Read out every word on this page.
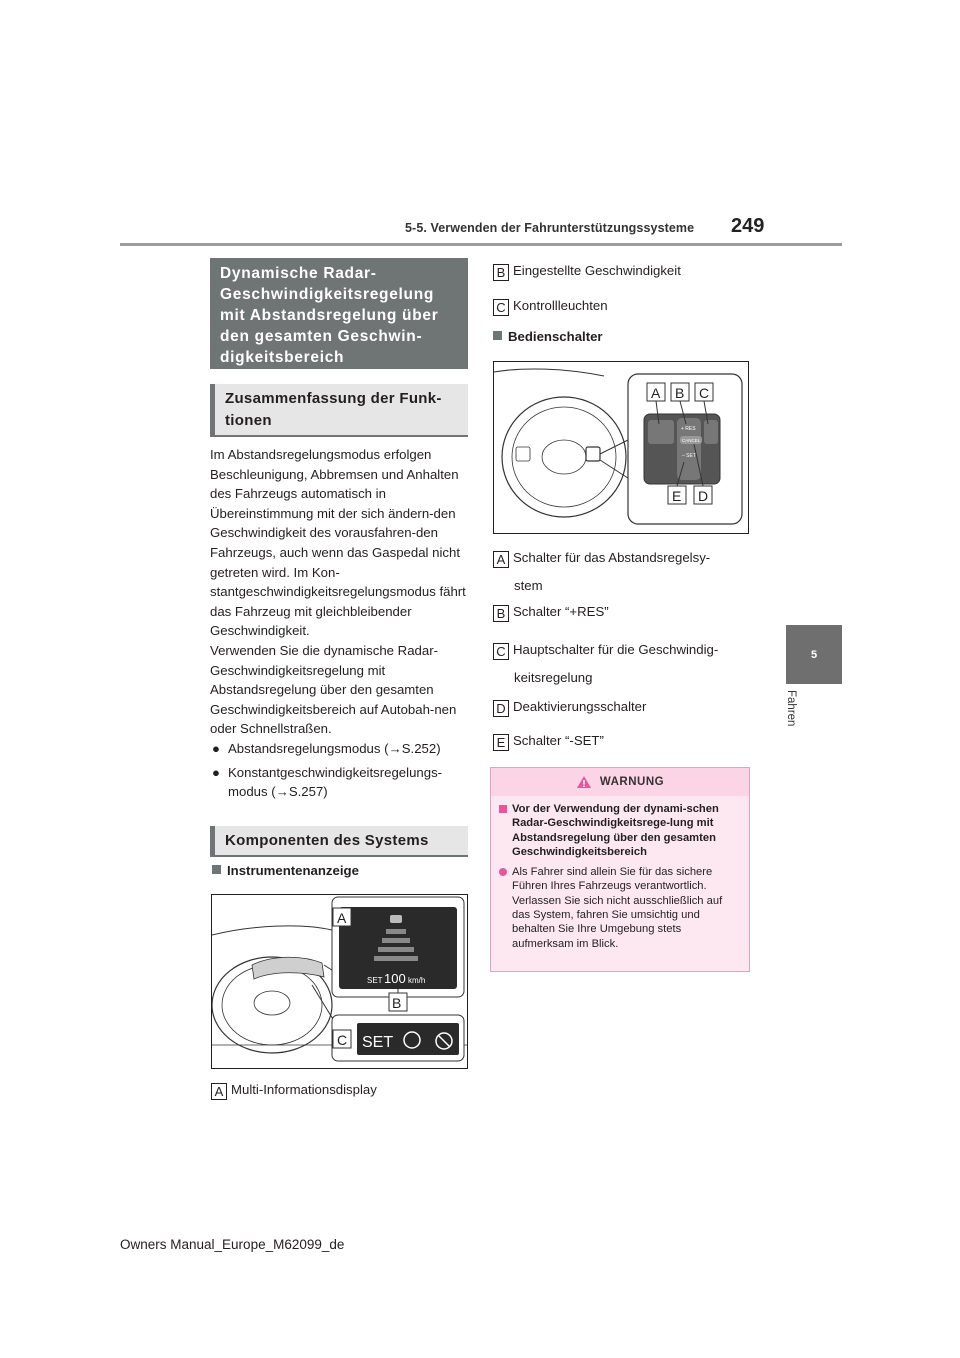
5-5. Verwenden der Fahrunterstützungssysteme 249
5
Fahren
Dynamische Radar-Geschwindigkeitsregelung mit Abstandsregelung über den gesamten Geschwin-digkeitsbereich
Zusammenfassung der Funk-tionen
Im Abstandsregelungsmodus erfolgen Beschleunigung, Abbremsen und Anhalten des Fahrzeugs automatisch in Übereinstimmung mit der sich ändern-den Geschwindigkeit des vorausfahren-den Fahrzeugs, auch wenn das Gaspedal nicht getreten wird. Im Kon-stantgeschwindigkeitsregelungsmodus fährt das Fahrzeug mit gleichbleibender Geschwindigkeit.
Verwenden Sie die dynamische Radar-Geschwindigkeitsregelung mit Abstandsregelung über den gesamten Geschwindigkeitsbereich auf Autobah-nen oder Schnellstraßen.
● Abstandsregelungsmodus (→S.252)
● Konstantgeschwindigkeitsregelungs-modus (→S.257)
Komponenten des Systems
Instrumentenanzeige
SET 100 km/h
SET
A
B
C
A Multi-Informationsdisplay
B Eingestellte Geschwindigkeit
C Kontrollleuchten
Bedienschalter
+ RES
CANCEL
– SET
A B C
E D
A Schalter für das Abstandsregelsy-
stem
B Schalter “+RES”
C Hauptschalter für die Geschwindig-
keitsregelung
D Deaktivierungsschalter
E Schalter “-SET”
WARNUNG
Vor der Verwendung der dynami-schen Radar-Geschwindigkeitsrege-lung mit Abstandsregelung über den gesamten Geschwindigkeitsbereich
Als Fahrer sind allein Sie für das sichere Führen Ihres Fahrzeugs verantwortlich. Verlassen Sie sich nicht ausschließlich auf das System, fahren Sie umsichtig und behalten Sie Ihre Umgebung stets aufmerksam im Blick.
Owners Manual_Europe_M62099_de
